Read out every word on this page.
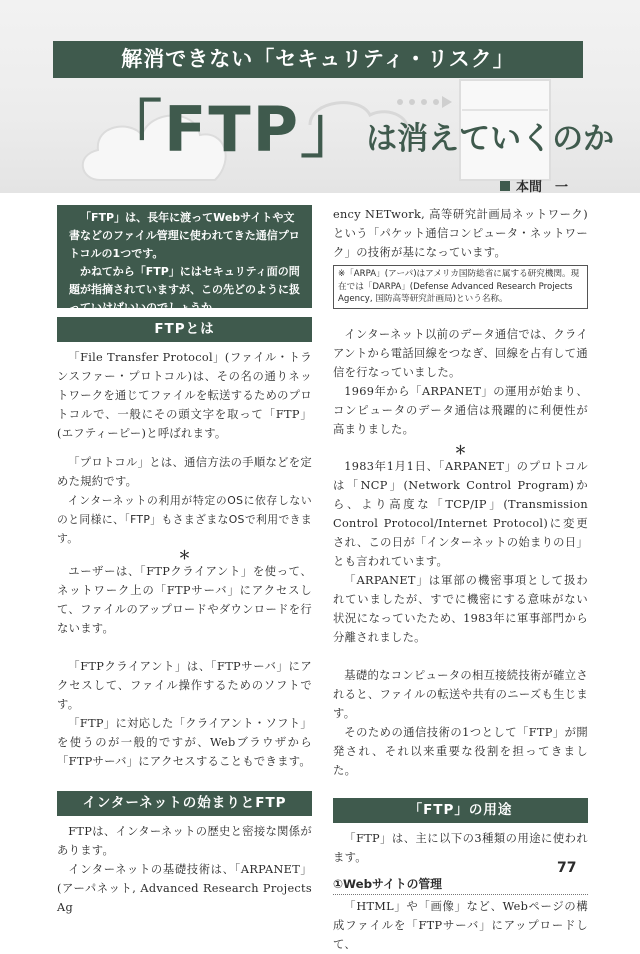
解消できない「セキュリティ・リスク」
「FTP」 は消えていくのか
本間　一

「FTP」は、長年に渡ってWebサイトや文書などのファイル管理に使われてきた通信プロトコルの1つです。

かねてから「FTP」にはセキュリティ面の問題が指摘されていますが、この先どのように扱っていけばいいのでしょうか。

FTPとは

「File Transfer Protocol」(ファイル・トランスファー・プロトコル)は、その名の通りネットワークを通じてファイルを転送するためのプロトコルで、一般にその頭文字を取って「FTP」(エフティーピー)と呼ばれます。

「プロトコル」とは、通信方法の手順などを定めた規約です。

インターネットの利用が特定のOSに依存しないのと同様に、「FTP」もさまざまなOSで利用できます。

＊

ユーザーは、「FTPクライアント」を使って、ネットワーク上の「FTPサーバ」にアクセスして、ファイルのアップロードやダウンロードを行ないます。

「FTPクライアント」は、「FTPサーバ」にアクセスして、ファイル操作するためのソフトです。

「FTP」に対応した「クライアント・ソフト」を使うのが一般的ですが、Webブラウザから「FTPサーバ」にアクセスすることもできます。

インターネットの始まりとFTP

FTPは、インターネットの歴史と密接な関係があります。

インターネットの基礎技術は、「ARPANET」(アーパネット, Advanced Research Projects Ag

ency NETwork, 高等研究計画局ネットワーク)という「パケット通信コンピュータ・ネットワーク」の技術が基になっています。

※「ARPA」(アーパ)はアメリカ国防総省に属する研究機関。現在では「DARPA」(Defense Advanced Research Projects Agency, 国防高等研究計画局)という名称。

インターネット以前のデータ通信では、クライアントから電話回線をつなぎ、回線を占有して通信を行なっていました。

1969年から「ARPANET」の運用が始まり、コンピュータのデータ通信は飛躍的に利便性が高まりました。

＊

1983年1月1日、「ARPANET」のプロトコルは「NCP」(Network Control Program)から、より高度な「TCP/IP」(Transmission Control Protocol/Internet Protocol)に変更され、この日が「インターネットの始まりの日」とも言われています。

「ARPANET」は軍部の機密事項として扱われていましたが、すでに機密にする意味がない状況になっていたため、1983年に軍事部門から分離されました。

基礎的なコンピュータの相互接続技術が確立されると、ファイルの転送や共有のニーズも生じます。

そのための通信技術の1つとして「FTP」が開発され、それ以来重要な役割を担ってきました。

「FTP」の用途

「FTP」は、主に以下の3種類の用途に使われます。

①Webサイトの管理

「HTML」や「画像」など、Webページの構成ファイルを「FTPサーバ」にアップロードして、

77
